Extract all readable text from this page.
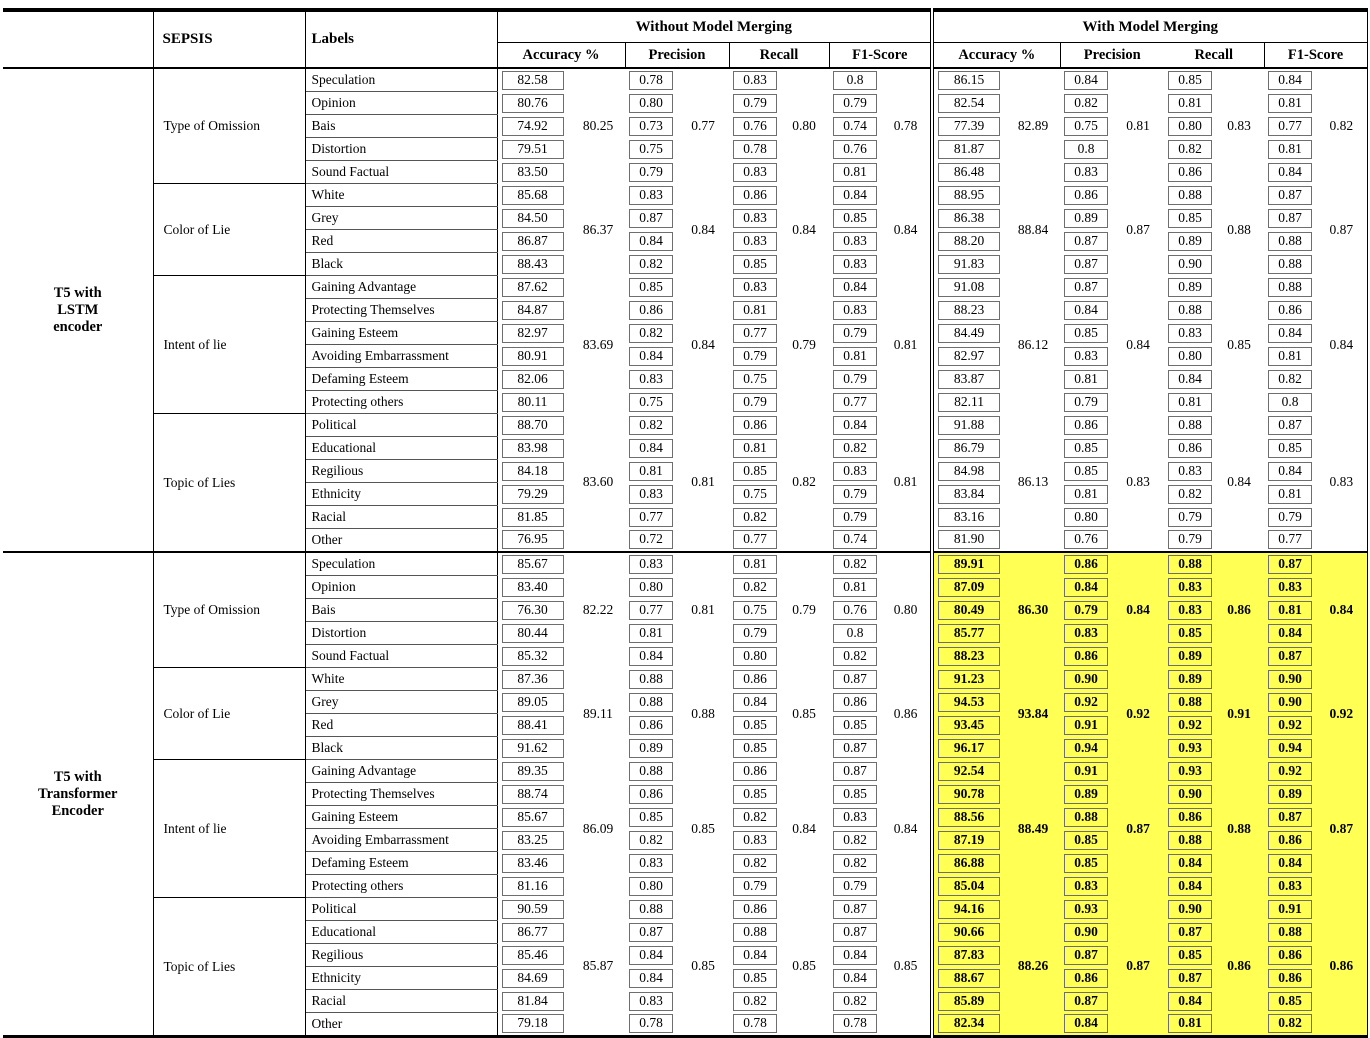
	SEPSIS	Labels	Without Model Merging								With Model Merging							
			Accuracy %		Precision		Recall		F1-Score		Accuracy %		Precision		Recall		F1-Score	

T5 with
LSTM
encoder	Type of Omission	Speculation	82.58	80.25	0.78	0.77	0.83	0.80	0.8	0.78	86.15	82.89	0.84	0.81	0.85	0.83	0.84	0.82
		Opinion	80.76		0.80		0.79		0.79		82.54		0.82		0.81		0.81	

		Bais	74.92		0.73		0.76		0.74		77.39		0.75		0.80		0.77	

		Distortion	79.51		0.75		0.78		0.76		81.87		0.8		0.82		0.81	

		Sound Factual	83.50		0.79		0.83		0.81		86.48		0.83		0.86		0.84	

	Color of Lie	White	85.68	86.37	0.83	0.84	0.86	0.84	0.84	0.84	88.95	88.84	0.86	0.87	0.88	0.88	0.87	0.87
		Grey	84.50		0.87		0.83		0.85		86.38		0.89		0.85		0.87	

		Red	86.87		0.84		0.83		0.83		88.20		0.87		0.89		0.88	

		Black	88.43		0.82		0.85		0.83		91.83		0.87		0.90		0.88	

	Intent of lie	Gaining Advantage	87.62	83.69	0.85	0.84	0.83	0.79	0.84	0.81	91.08	86.12	0.87	0.84	0.89	0.85	0.88	0.84
		Protecting Themselves	84.87		0.86		0.81		0.83		88.23		0.84		0.88		0.86	

		Gaining Esteem	82.97		0.82		0.77		0.79		84.49		0.85		0.83		0.84	

		Avoiding Embarrassment	80.91		0.84		0.79		0.81		82.97		0.83		0.80		0.81	

		Defaming Esteem	82.06		0.83		0.75		0.79		83.87		0.81		0.84		0.82	

		Protecting others	80.11		0.75		0.79		0.77		82.11		0.79		0.81		0.8	

	Topic of Lies	Political	88.70	83.60	0.82	0.81	0.86	0.82	0.84	0.81	91.88	86.13	0.86	0.83	0.88	0.84	0.87	0.83
		Educational	83.98		0.84		0.81		0.82		86.79		0.85		0.86		0.85	

		Regilious	84.18		0.81		0.85		0.83		84.98		0.85		0.83		0.84	

		Ethnicity	79.29		0.83		0.75		0.79		83.84		0.81		0.82		0.81	

		Racial	81.85		0.77		0.82		0.79		83.16		0.80		0.79		0.79	

		Other	76.95		0.72		0.77		0.74		81.90		0.76		0.79		0.77	

T5 with
Transformer
Encoder	Type of Omission	Speculation	85.67	82.22	0.83	0.81	0.81	0.79	0.82	0.80	89.91	86.30	0.86	0.84	0.88	0.86	0.87	0.84
		Opinion	83.40		0.80		0.82		0.81		87.09		0.84		0.83		0.83	

		Bais	76.30		0.77		0.75		0.76		80.49		0.79		0.83		0.81	

		Distortion	80.44		0.81		0.79		0.8		85.77		0.83		0.85		0.84	

		Sound Factual	85.32		0.84		0.80		0.82		88.23		0.86		0.89		0.87	

	Color of Lie	White	87.36	89.11	0.88	0.88	0.86	0.85	0.87	0.86	91.23	93.84	0.90	0.92	0.89	0.91	0.90	0.92
		Grey	89.05		0.88		0.84		0.86		94.53		0.92		0.88		0.90	

		Red	88.41		0.86		0.85		0.85		93.45		0.91		0.92		0.92	

		Black	91.62		0.89		0.85		0.87		96.17		0.94		0.93		0.94	

	Intent of lie	Gaining Advantage	89.35	86.09	0.88	0.85	0.86	0.84	0.87	0.84	92.54	88.49	0.91	0.87	0.93	0.88	0.92	0.87
		Protecting Themselves	88.74		0.86		0.85		0.85		90.78		0.89		0.90		0.89	

		Gaining Esteem	85.67		0.85		0.82		0.83		88.56		0.88		0.86		0.87	

		Avoiding Embarrassment	83.25		0.82		0.83		0.82		87.19		0.85		0.88		0.86	

		Defaming Esteem	83.46		0.83		0.82		0.82		86.88		0.85		0.84		0.84	

		Protecting others	81.16		0.80		0.79		0.79		85.04		0.83		0.84		0.83	

	Topic of Lies	Political	90.59	85.87	0.88	0.85	0.86	0.85	0.87	0.85	94.16	88.26	0.93	0.87	0.90	0.86	0.91	0.86
		Educational	86.77		0.87		0.88		0.87		90.66		0.90		0.87		0.88	

		Regilious	85.46		0.84		0.84		0.84		87.83		0.87		0.85		0.86	

		Ethnicity	84.69		0.84		0.85		0.84		88.67		0.86		0.87		0.86	

		Racial	81.84		0.83		0.82		0.82		85.89		0.87		0.84		0.85	

		Other	79.18		0.78		0.78		0.78		82.34		0.84		0.81		0.82	
